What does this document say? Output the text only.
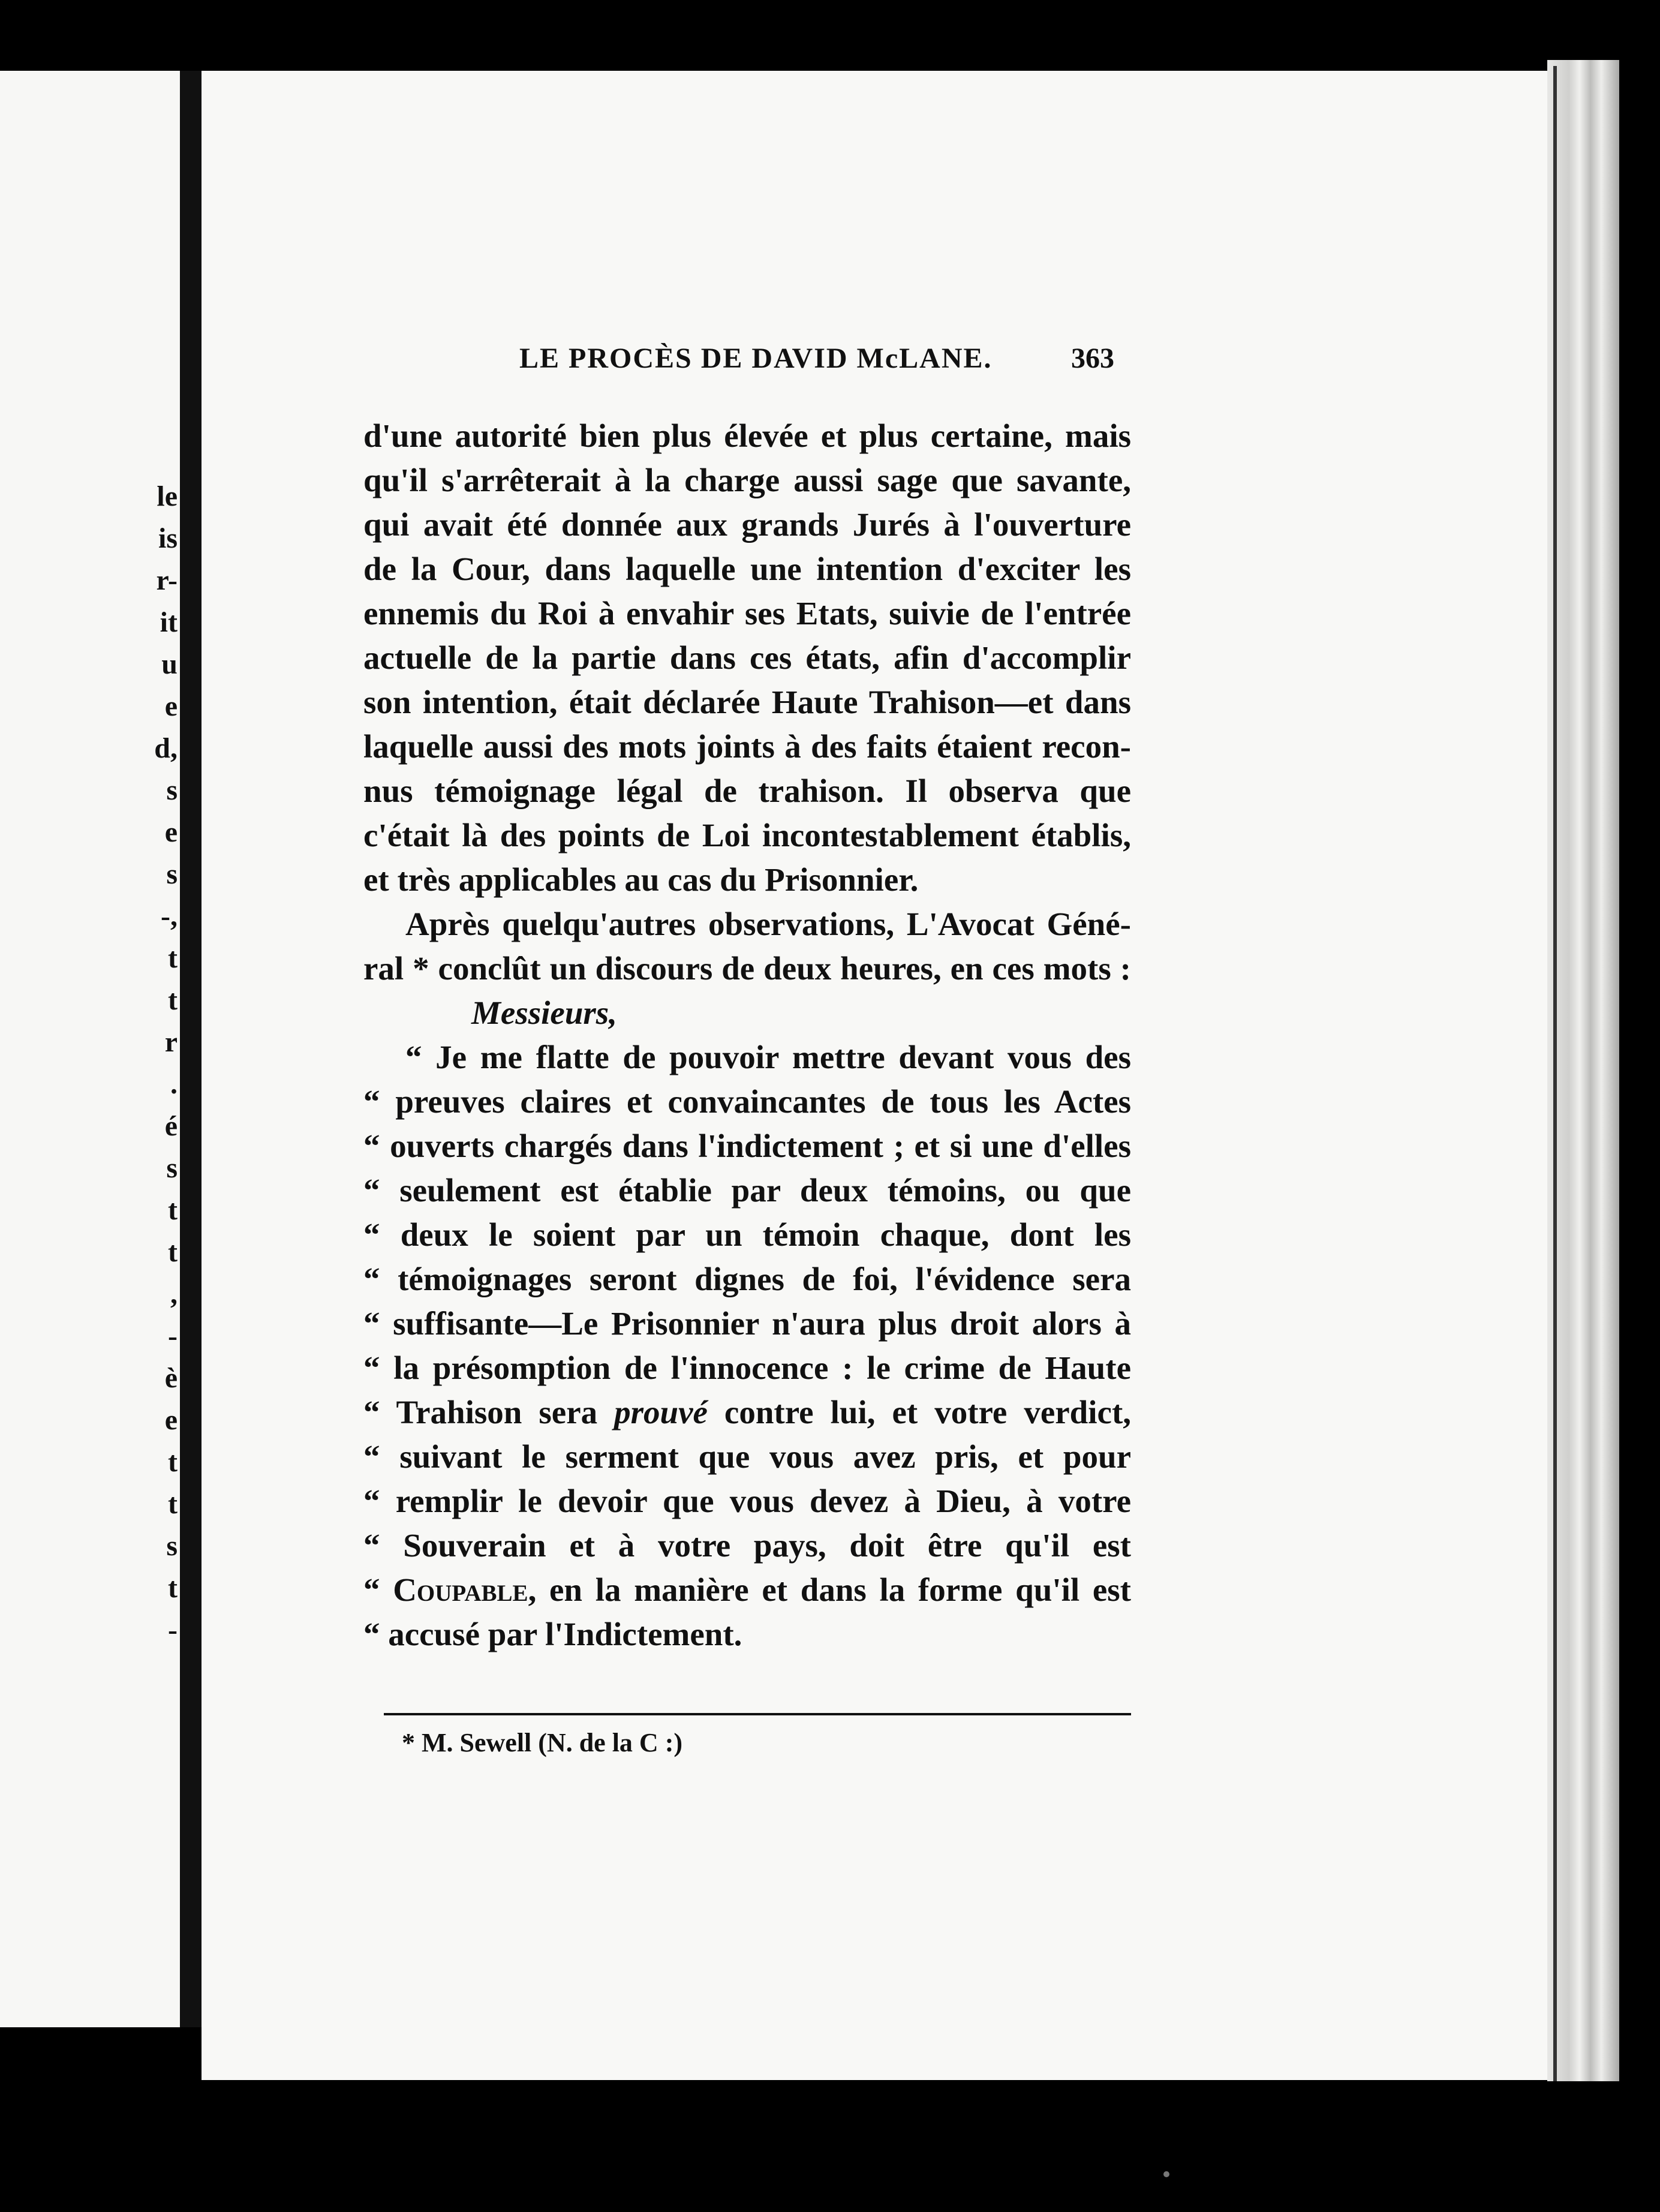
le
is
r-
it
u
e
d,
s
e
s
-,
t
t
r
.
é
s
t
t
,
-
è
e
t
t
s
t
-
LE PROCÈS DE DAVID McLANE.	363
d'une autorité bien plus élevée et plus certaine, mais
qu'il s'arrêterait à la charge aussi sage que savante,
qui avait été donnée aux grands Jurés à l'ouverture
de la Cour, dans laquelle une intention d'exciter les
ennemis du Roi à envahir ses Etats, suivie de l'entrée
actuelle de la partie dans ces états, afin d'accomplir
son intention, était déclarée Haute Trahison—et dans
laquelle aussi des mots joints à des faits étaient recon-
nus témoignage légal de trahison. Il observa que
c'était là des points de Loi incontestablement établis,
et très applicables au cas du Prisonnier.
Après quelqu'autres observations, L'Avocat Géné-
ral * conclût un discours de deux heures, en ces mots :
Messieurs,
“ Je me flatte de pouvoir mettre devant vous des
“ preuves claires et convaincantes de tous les Actes
“ ouverts chargés dans l'indictement ; et si une d'elles
“ seulement est établie par deux témoins, ou que
“ deux le soient par un témoin chaque, dont les
“ témoignages seront dignes de foi, l'évidence sera
“ suffisante—Le Prisonnier n'aura plus droit alors à
“ la présomption de l'innocence : le crime de Haute
“ Trahison sera prouvé contre lui, et votre verdict,
“ suivant le serment que vous avez pris, et pour
“ remplir le devoir que vous devez à Dieu, à votre
“ Souverain et à votre pays, doit être qu'il est
“ Coupable, en la manière et dans la forme qu'il est
“ accusé par l'Indictement.
* M. Sewell (N. de la C :)
